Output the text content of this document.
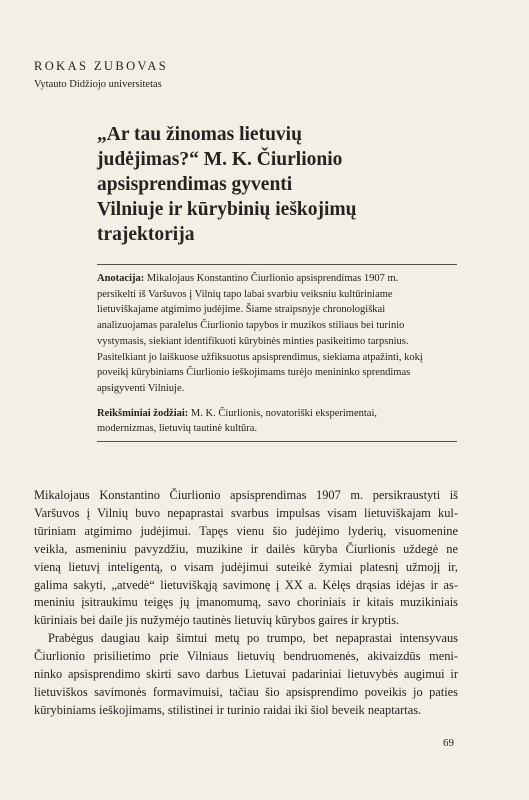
ROKAS ZUBOVAS
Vytauto Didžiojo universitetas
„Ar tau žinomas lietuvių
judėjimas?“ M. K. Čiurlionio
apsisprendimas gyventi
Vilniuje ir kūrybinių ieškojimų
trajektorija
Anotacija: Mikalojaus Konstantino Čiurlionio apsisprendimas 1907 m.
persikelti iš Varšuvos į Vilnių tapo labai svarbiu veiksniu kultūriniame
lietuviškajame atgimimo judėjime. Šiame straipsnyje chronologiškai
analizuojamas paralelus Čiurlionio tapybos ir muzikos stiliaus bei turinio
vystymasis, siekiant identifikuoti kūrybinės minties pasikeitimo tarpsnius.
Pasitelkiant jo laiškuose užfiksuotus apsisprendimus, siekiama atpažinti, kokį
poveikį kūrybiniams Čiurlionio ieškojimams turėjo menininko sprendimas
apsigyventi Vilniuje.
Reikšminiai žodžiai: M. K. Čiurlionis, novatoriški eksperimentai,
modernizmas, lietuvių tautinė kultūra.
Mikalojaus Konstantino Čiurlionio apsisprendimas 1907 m. persikraustyti iš
Varšuvos į Vilnių buvo nepaprastai svarbus impulsas visam lietuviškajam kul-
tūriniam atgimimo judėjimui. Tapęs vienu šio judėjimo lyderių, visuomenine
veikla, asmeniniu pavyzdžiu, muzikine ir dailės kūryba Čiurlionis uždegė ne
vieną lietuvį inteligentą, o visam judėjimui suteikė žymiai platesnį užmojį ir,
galima sakyti, „atvedė“ lietuviškąją savimonę į XX a. Kėlęs drąsias idėjas ir as-
meniniu įsitraukimu teigęs jų įmanomumą, savo choriniais ir kitais muzikiniais
kūriniais bei daile jis nužymėjo tautinės lietuvių kūrybos gaires ir kryptis.
Prabėgus daugiau kaip šimtui metų po trumpo, bet nepaprastai intensyvaus
Čiurlionio prisilietimo prie Vilniaus lietuvių bendruomenės, akivaizdūs meni-
ninko apsisprendimo skirti savo darbus Lietuvai padariniai lietuvybės augimui ir
lietuviškos savimonės formavimuisi, tačiau šio apsisprendimo poveikis jo paties
kūrybiniams ieškojimams, stilistinei ir turinio raidai iki šiol beveik neaptartas.
69
